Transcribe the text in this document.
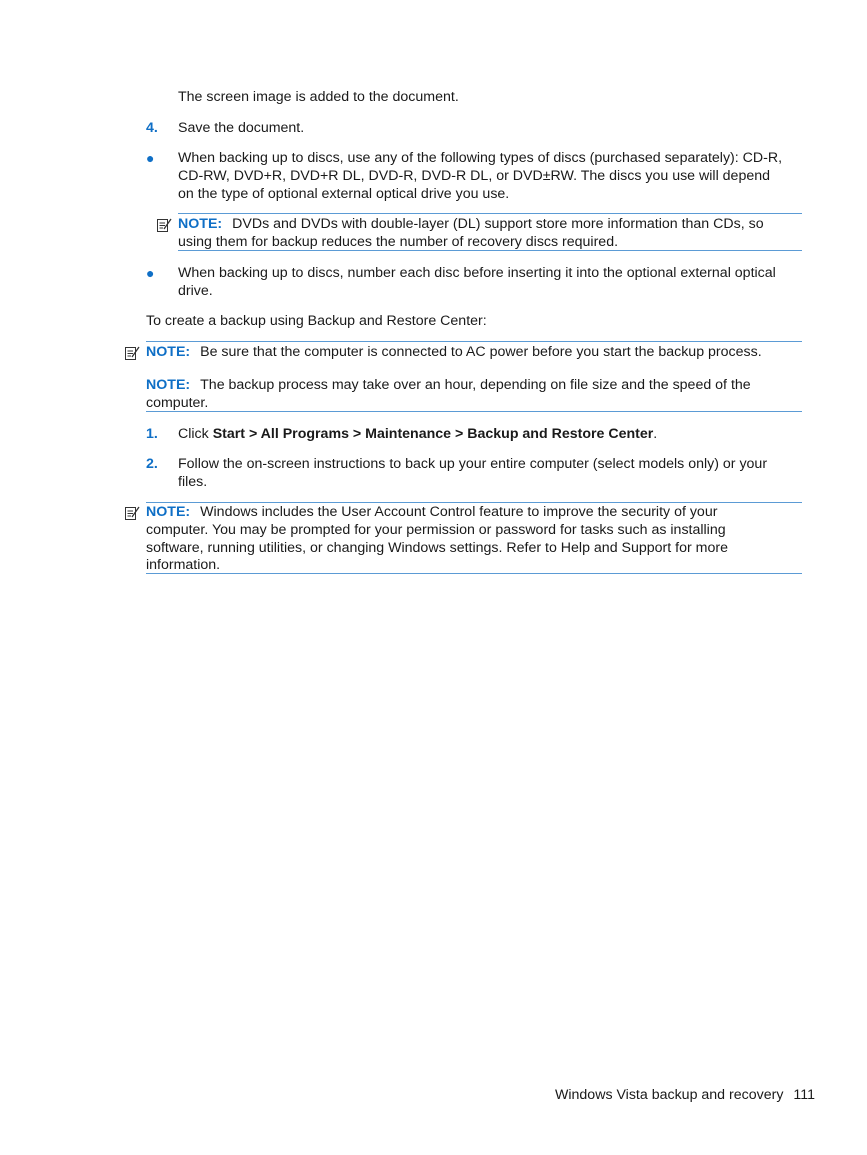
The screen image is added to the document.
4. Save the document.
● When backing up to discs, use any of the following types of discs (purchased separately): CD-R,
CD-RW, DVD+R, DVD+R DL, DVD-R, DVD-R DL, or DVD±RW. The discs you use will depend
on the type of optional external optical drive you use.
NOTE: DVDs and DVDs with double-layer (DL) support store more information than CDs, so
using them for backup reduces the number of recovery discs required.
● When backing up to discs, number each disc before inserting it into the optional external optical
drive.
To create a backup using Backup and Restore Center:
NOTE: Be sure that the computer is connected to AC power before you start the backup process.
NOTE: The backup process may take over an hour, depending on file size and the speed of the
computer.
1. Click Start > All Programs > Maintenance > Backup and Restore Center.
2. Follow the on-screen instructions to back up your entire computer (select models only) or your
files.
NOTE: Windows includes the User Account Control feature to improve the security of your
computer. You may be prompted for your permission or password for tasks such as installing
software, running utilities, or changing Windows settings. Refer to Help and Support for more
information.
Windows Vista backup and recovery 111
